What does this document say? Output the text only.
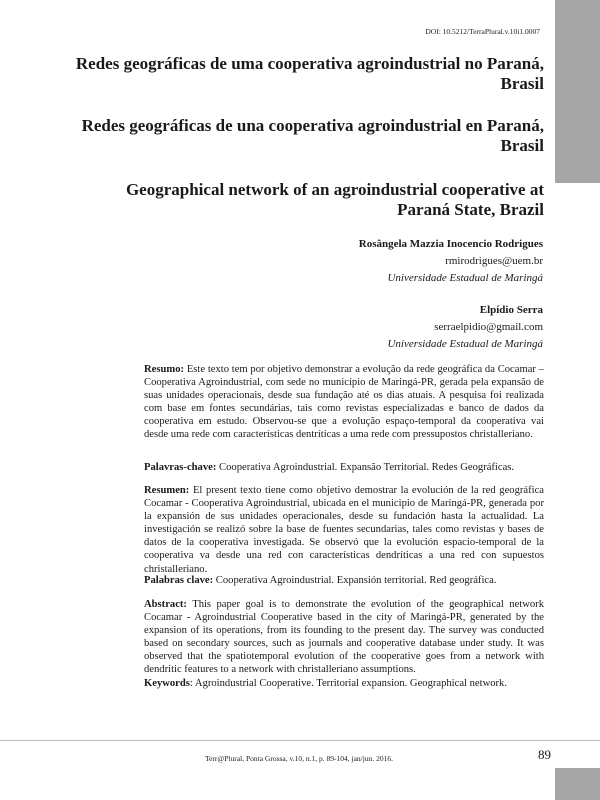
DOI: 10.5212/TerraPlural.v.10i1.0007
Redes geográficas de uma cooperativa agroindustrial no Paraná,
Brasil
Redes geográficas de una cooperativa agroindustrial en Paraná,
Brasil
Geographical network of an agroindustrial cooperative at
Paraná State, Brazil
Rosângela Mazzia Inocencio Rodrigues
rmirodrigues@uem.br
Universidade Estadual de Maringá
Elpídio Serra
serraelpidio@gmail.com
Universidade Estadual de Maringá

Resumo: Este texto tem por objetivo demonstrar a evolução da rede geográfica da Cocamar – Cooperativa Agroindustrial, com sede no município de Maringá-PR, gerada pela expansão de suas unidades operacionais, desde sua fundação até os dias atuais. A pesquisa foi realizada com base em fontes secundárias, tais como revistas especializadas e banco de dados da cooperativa em estudo. Observou-se que a evolução espaço-temporal da cooperativa vai desde uma rede com características dentríticas a uma rede com pressupostos christalleriano.

Palavras-chave: Cooperativa Agroindustrial. Expansão Territorial. Redes Geográficas.

Resumen: El present texto tiene como objetivo demostrar la evolución de la red geográfica Cocamar - Cooperativa Agroindustrial, ubicada en el municipio de Maringá-PR, generada por la expansión de sus unidades operacionales, desde su fundación hasta la actualidad. La investigación se realizó sobre la base de fuentes secundarias, tales como revistas y bases de datos de la cooperativa investigada. Se observó que la evolución espacio-temporal de la cooperativa va desde una red con características dendríticas a una red con supuestos christalleriano.

Palabras clave: Cooperativa Agroindustrial. Expansión territorial. Red geográfica.

Abstract: This paper goal is to demonstrate the evolution of the geographical network Cocamar - Agroindustrial Cooperative based in the city of Maringá-PR, generated by the expansion of its operations, from its founding to the present day. The survey was conducted based on secondary sources, such as journals and cooperative database under study. It was observed that the spatiotemporal evolution of the cooperative goes from a network with dendritic features to a network with christalleriano assumptions.

Keywords: Agroindustrial Cooperative. Territorial expansion. Geographical network.

Terr@Plural, Ponta Grossa, v.10, n.1, p. 89-104, jan/jun. 2016.	89
